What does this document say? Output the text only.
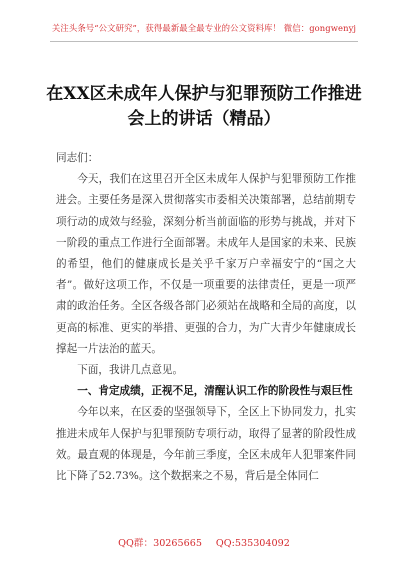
关注头条号“公文研究”，获得最新最全最专业的公文资料库！ 微信：gongwenyj
在XX区未成年人保护与犯罪预防工作推进会上的讲话（精品）

同志们：

今天，我们在这里召开全区未成年人保护与犯罪预防工作推进会。主要任务是深入贯彻落实市委相关决策部署，总结前期专项行动的成效与经验，深刻分析当前面临的形势与挑战，并对下一阶段的重点工作进行全面部署。未成年人是国家的未来、民族的希望，他们的健康成长是关乎千家万户幸福安宁的“国之大者”。做好这项工作，不仅是一项重要的法律责任，更是一项严肃的政治任务。全区各级各部门必须站在战略和全局的高度，以更高的标准、更实的举措、更强的合力，为广大青少年健康成长撑起一片法治的蓝天。

下面，我讲几点意见。

一、肯定成绩，正视不足，清醒认识工作的阶段性与艰巨性

今年以来，在区委的坚强领导下，全区上下协同发力，扎实推进未成年人保护与犯罪预防专项行动，取得了显著的阶段性成效。最直观的体现是，今年前三季度，全区未成年人犯罪案件同比下降了52.73%。这个数据来之不易，背后是全体同仁

QQ群：30265665 QQ:535304092
